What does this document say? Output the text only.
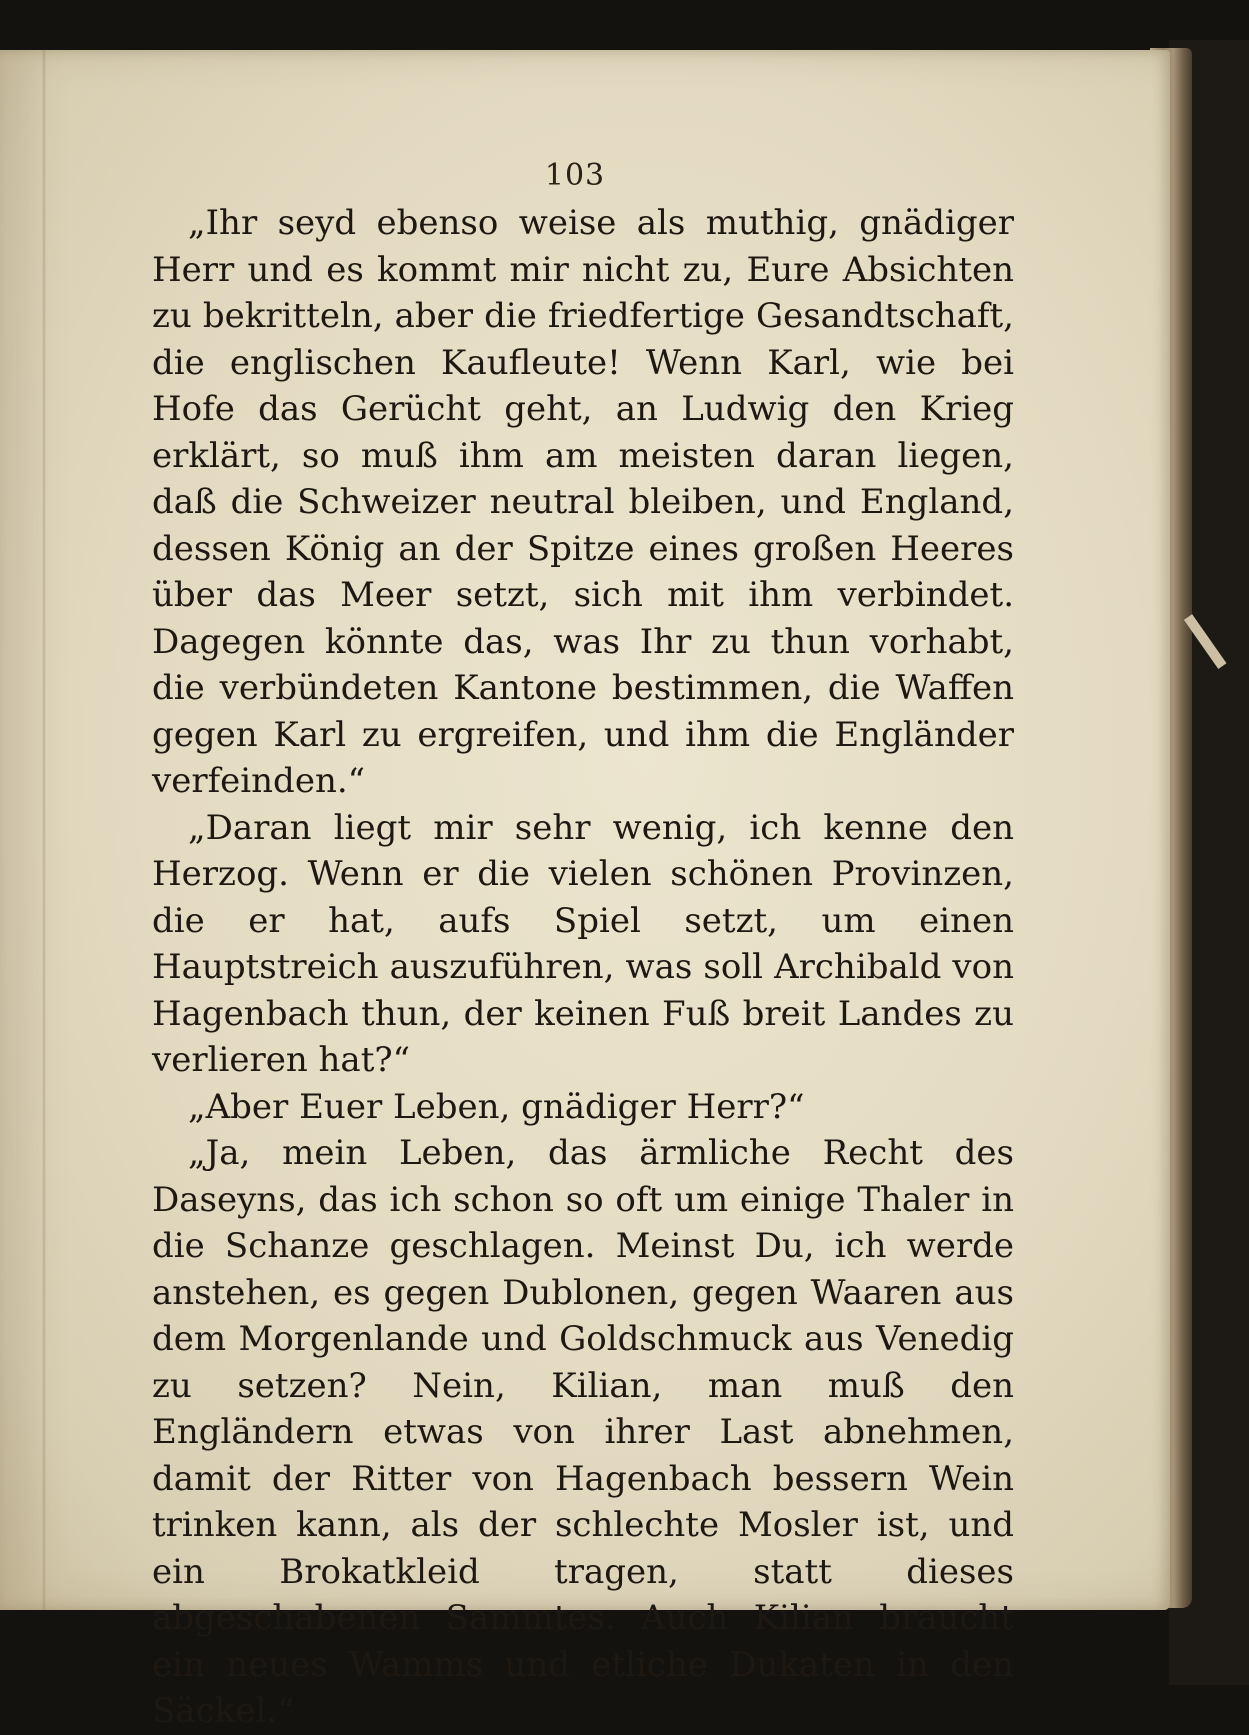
103

„Ihr seyd ebenso weise als muthig, gnädiger Herr und es kommt mir nicht zu, Eure Absichten zu bekritteln, aber die friedfertige Gesandtschaft, die englischen Kaufleute! Wenn Karl, wie bei Hofe das Gerücht geht, an Ludwig den Krieg erklärt, so muß ihm am meisten daran liegen, daß die Schweizer neutral bleiben, und England, dessen König an der Spitze eines großen Heeres über das Meer setzt, sich mit ihm verbindet. Dagegen könnte das, was Ihr zu thun vorhabt, die verbündeten Kantone bestimmen, die Waffen gegen Karl zu ergreifen, und ihm die Engländer verfeinden.“

„Daran liegt mir sehr wenig, ich kenne den Herzog. Wenn er die vielen schönen Provinzen, die er hat, aufs Spiel setzt, um einen Hauptstreich auszuführen, was soll Archibald von Hagenbach thun, der keinen Fuß breit Landes zu verlieren hat?“

„Aber Euer Leben, gnädiger Herr?“

„Ja, mein Leben, das ärmliche Recht des Daseyns, das ich schon so oft um einige Thaler in die Schanze geschlagen. Meinst Du, ich werde anstehen, es gegen Dublonen, gegen Waaren aus dem Morgenlande und Goldschmuck aus Venedig zu setzen? Nein, Kilian, man muß den Engländern etwas von ihrer Last abnehmen, damit der Ritter von Hagenbach bessern Wein trinken kann, als der schlechte Mosler ist, und ein Brokatkleid tragen, statt dieses abgeschabenen Sammtes. Auch Kilian braucht ein neues Wamms und etliche Dukaten in den Säckel.“
